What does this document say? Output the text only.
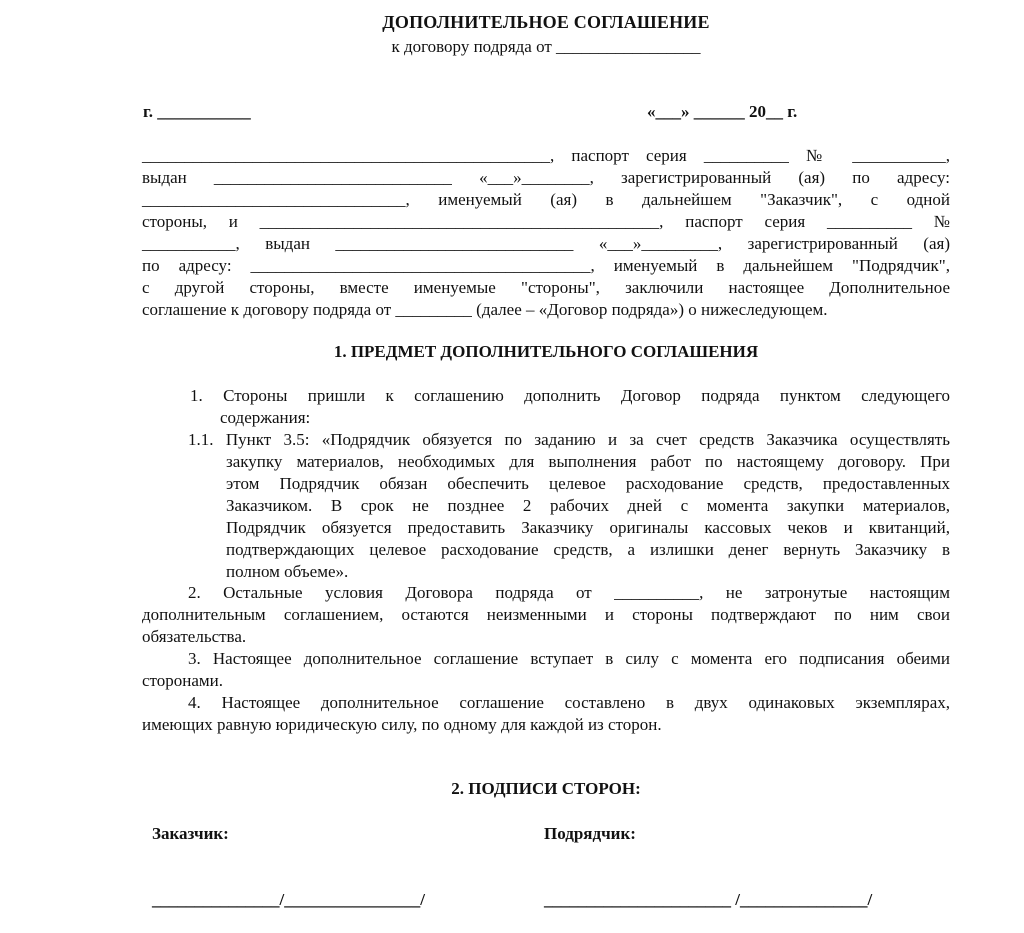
ДОПОЛНИТЕЛЬНОЕ СОГЛАШЕНИЕ
к договору подряда от _________________
г. ___________	«___» ______ 20__ г.
________________________________________________, паспорт серия __________ № ___________,
выдан ____________________________ «___»________, зарегистрированный (ая) по адресу:
_______________________________, именуемый (ая) в дальнейшем "Заказчик", с одной
стороны, и _______________________________________________, паспорт серия __________ №
___________, выдан ____________________________ «___»_________, зарегистрированный (ая)
по адресу: ________________________________________, именуемый в дальнейшем "Подрядчик",
с другой стороны, вместе именуемые "стороны", заключили настоящее Дополнительное
соглашение к договору подряда от _________ (далее – «Договор подряда») о нижеследующем.
1. ПРЕДМЕТ ДОПОЛНИТЕЛЬНОГО СОГЛАШЕНИЯ
1. Стороны пришли к соглашению дополнить Договор подряда пунктом следующего
содержания:
1.1. Пункт 3.5: «Подрядчик обязуется по заданию и за счет средств Заказчика осуществлять
закупку материалов, необходимых для выполнения работ по настоящему договору. При
этом Подрядчик обязан обеспечить целевое расходование средств, предоставленных
Заказчиком. В срок не позднее 2 рабочих дней с момента закупки материалов,
Подрядчик обязуется предоставить Заказчику оригиналы кассовых чеков и квитанций,
подтверждающих целевое расходование средств, а излишки денег вернуть Заказчику в
полном объеме».
2. Остальные условия Договора подряда от __________, не затронутые настоящим
дополнительным соглашением, остаются неизменными и стороны подтверждают по ним свои
обязательства.
3. Настоящее дополнительное соглашение вступает в силу с момента его подписания обеими
сторонами.
4. Настоящее дополнительное соглашение составлено в двух одинаковых экземплярах,
имеющих равную юридическую силу, по одному для каждой из сторон.
2. ПОДПИСИ СТОРОН:
Заказчик:	Подрядчик:
_______________/________________/	______________________ /_______________/
